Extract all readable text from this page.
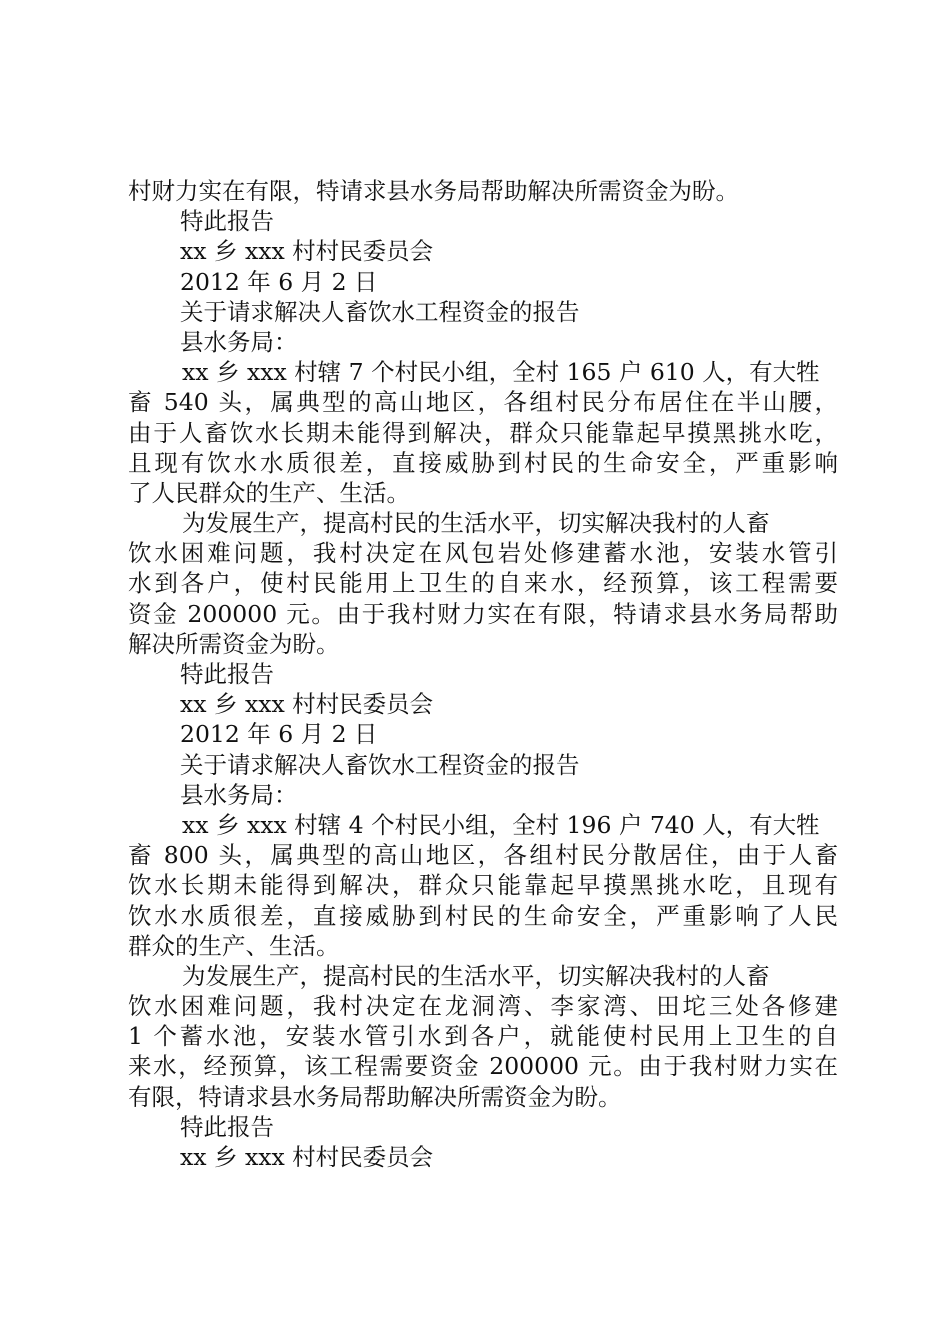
村财力实在有限，特请求县水务局帮助解决所需资金为盼。
特此报告
xx 乡 xxx 村村民委员会
2012 年 6 月 2 日
关于请求解决人畜饮水工程资金的报告
县水务局：
xx 乡 xxx 村辖 7 个村民小组，全村 165 户 610 人，有大牲
畜 540 头，属典型的高山地区，各组村民分布居住在半山腰，
由于人畜饮水长期未能得到解决，群众只能靠起早摸黑挑水吃，
且现有饮水水质很差，直接威胁到村民的生命安全，严重影响
了人民群众的生产、生活。
为发展生产，提高村民的生活水平，切实解决我村的人畜
饮水困难问题，我村决定在风包岩处修建蓄水池，安装水管引
水到各户，使村民能用上卫生的自来水，经预算，该工程需要
资金 200000 元。由于我村财力实在有限，特请求县水务局帮助
解决所需资金为盼。
特此报告
xx 乡 xxx 村村民委员会
2012 年 6 月 2 日
关于请求解决人畜饮水工程资金的报告
县水务局：
xx 乡 xxx 村辖 4 个村民小组，全村 196 户 740 人，有大牲
畜 800 头，属典型的高山地区，各组村民分散居住，由于人畜
饮水长期未能得到解决，群众只能靠起早摸黑挑水吃，且现有
饮水水质很差，直接威胁到村民的生命安全，严重影响了人民
群众的生产、生活。
为发展生产，提高村民的生活水平，切实解决我村的人畜
饮水困难问题，我村决定在龙洞湾、李家湾、田坨三处各修建
1 个蓄水池，安装水管引水到各户，就能使村民用上卫生的自
来水，经预算，该工程需要资金 200000 元。由于我村财力实在
有限，特请求县水务局帮助解决所需资金为盼。
特此报告
xx 乡 xxx 村村民委员会
